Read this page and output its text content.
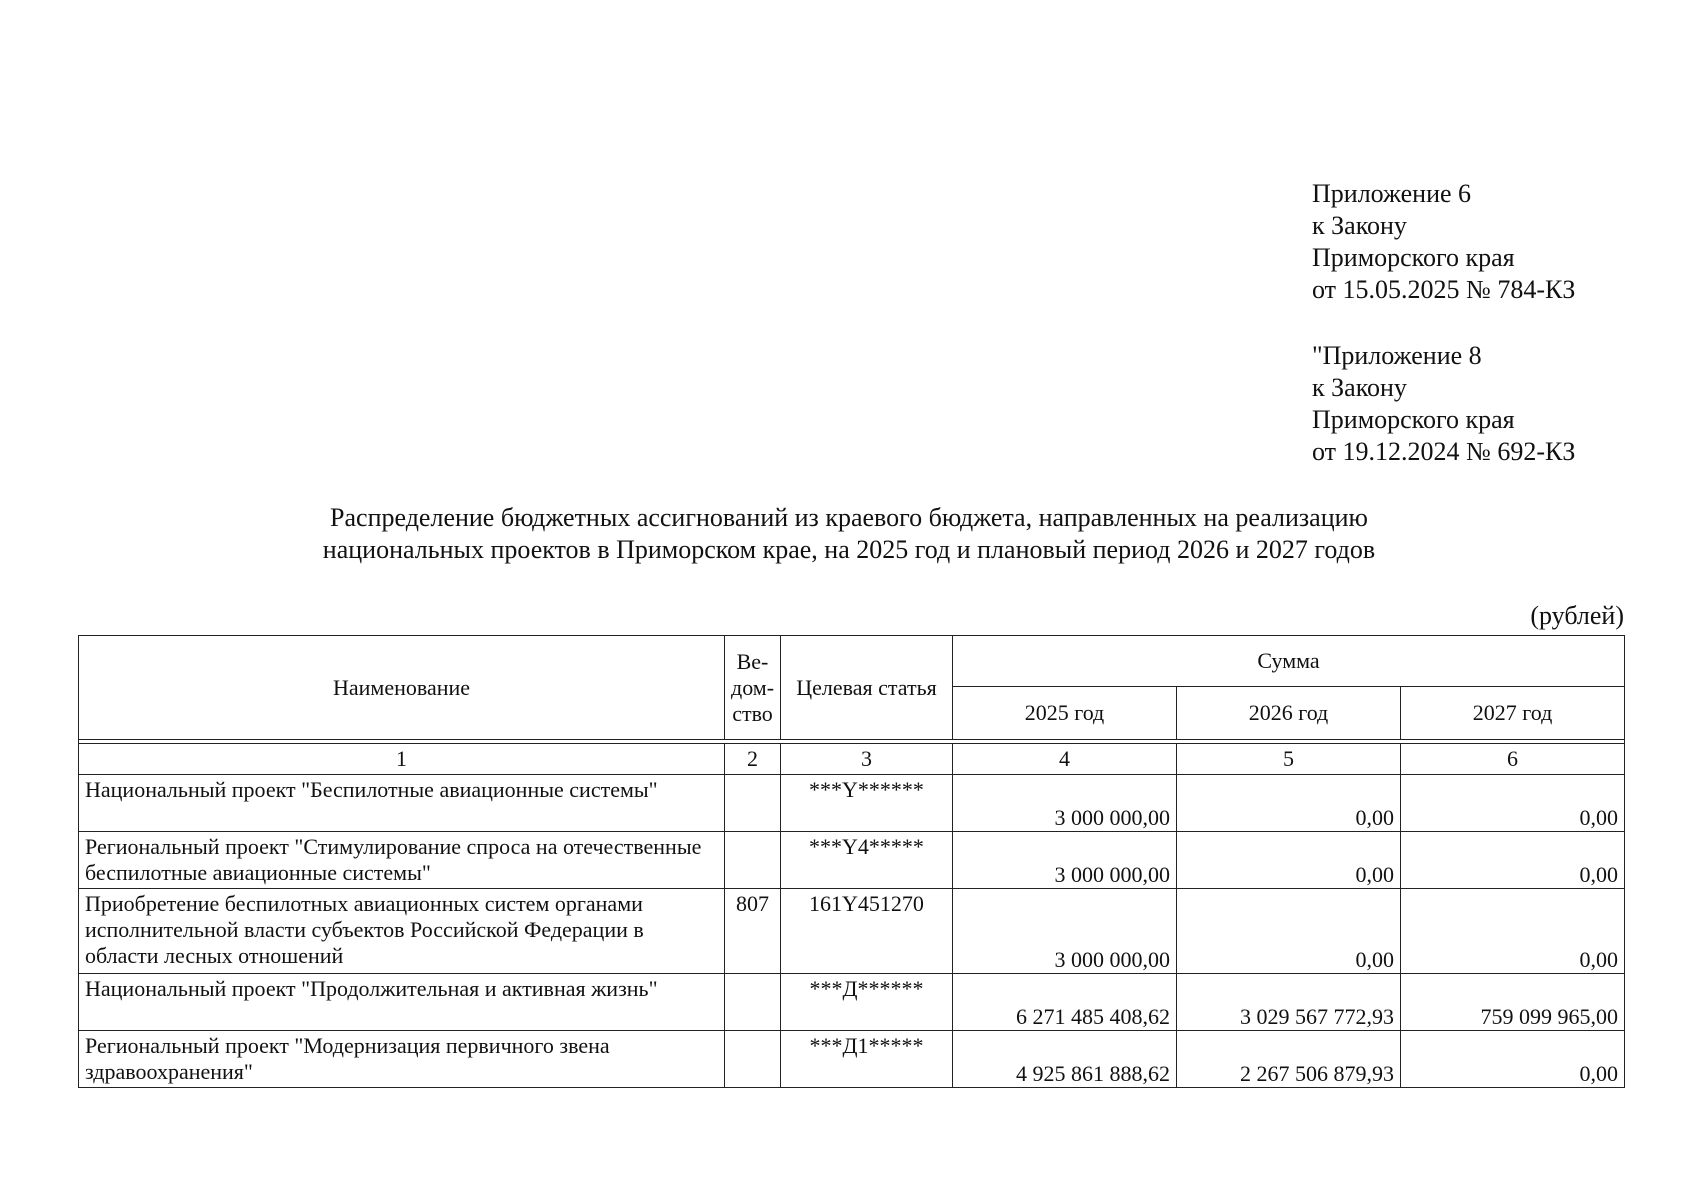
Приложение 6
к Закону
Приморского края
от 15.05.2025 № 784-КЗ
"Приложение 8
к Закону
Приморского края
от 19.12.2024 № 692-КЗ
Распределение бюджетных ассигнований из краевого бюджета, направленных на реализацию
национальных проектов в Приморском крае, на 2025 год и плановый период 2026 и 2027 годов
(рублей)
Наименование	Ве-дом-ство	Целевая статья	Сумма		
			2025 год	2026 год	2027 год

1	2	3	4	5	6
Национальный проект "Беспилотные авиационные системы"		***Y******	3 000 000,00	0,00	0,00
Региональный проект "Стимулирование спроса на отечественные беспилотные авиационные системы"		***Y4*****	3 000 000,00	0,00	0,00
Приобретение беспилотных авиационных систем органами исполнительной власти субъектов Российской Федерации в области лесных отношений	807	161Y451270	3 000 000,00	0,00	0,00
Национальный проект "Продолжительная и активная жизнь"		***Д******	6 271 485 408,62	3 029 567 772,93	759 099 965,00
Региональный проект "Модернизация первичного звена здравоохранения"		***Д1*****	4 925 861 888,62	2 267 506 879,93	0,00
